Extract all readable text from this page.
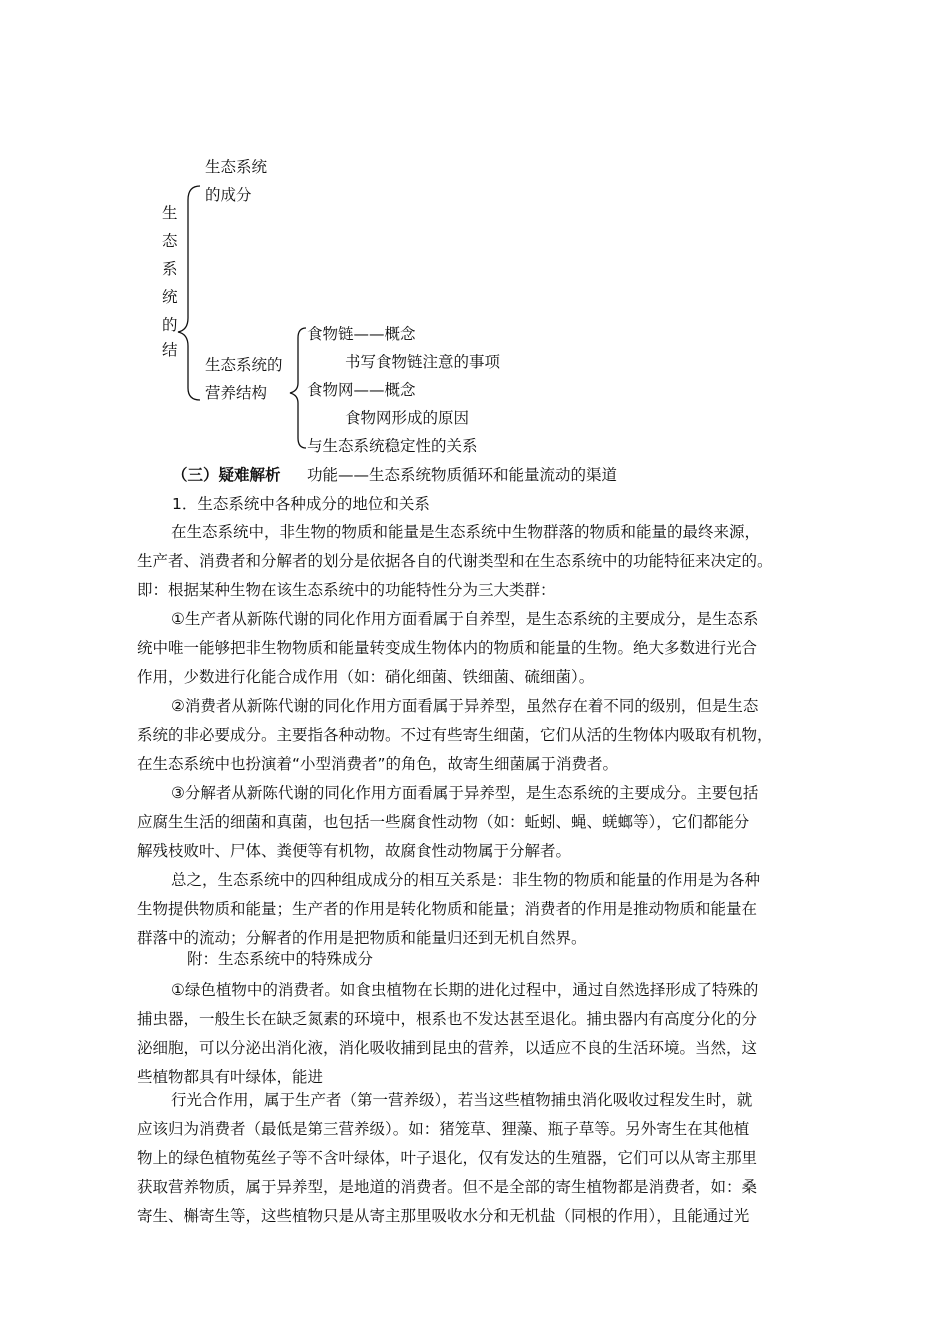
生
态
系
统
的
结
生态系统
的成分
生态系统的
营养结构
食物链——概念
书写食物链注意的事项
食物网——概念
食物网形成的原因
与生态系统稳定性的关系
（三）疑难解析 功能——生态系统物质循环和能量流动的渠道
1．生态系统中各种成分的地位和关系
在生态系统中，非生物的物质和能量是生态系统中生物群落的物质和能量的最终来源，
生产者、消费者和分解者的划分是依据各自的代谢类型和在生态系统中的功能特征来决定的。
即：根据某种生物在该生态系统中的功能特性分为三大类群：
①生产者从新陈代谢的同化作用方面看属于自养型，是生态系统的主要成分，是生态系
统中唯一能够把非生物物质和能量转变成生物体内的物质和能量的生物。绝大多数进行光合
作用，少数进行化能合成作用（如：硝化细菌、铁细菌、硫细菌）。
②消费者从新陈代谢的同化作用方面看属于异养型，虽然存在着不同的级别，但是生态
系统的非必要成分。主要指各种动物。不过有些寄生细菌，它们从活的生物体内吸取有机物，
在生态系统中也扮演着“小型消费者”的角色，故寄生细菌属于消费者。
③分解者从新陈代谢的同化作用方面看属于异养型，是生态系统的主要成分。主要包括
应腐生生活的细菌和真菌，也包括一些腐食性动物（如：蚯蚓、蝇、蜣螂等），它们都能分
解残枝败叶、尸体、粪便等有机物，故腐食性动物属于分解者。
总之，生态系统中的四种组成成分的相互关系是：非生物的物质和能量的作用是为各种
生物提供物质和能量；生产者的作用是转化物质和能量；消费者的作用是推动物质和能量在
群落中的流动；分解者的作用是把物质和能量归还到无机自然界。
附：生态系统中的特殊成分
①绿色植物中的消费者。如食虫植物在长期的进化过程中，通过自然选择形成了特殊的
捕虫器，一般生长在缺乏氮素的环境中，根系也不发达甚至退化。捕虫器内有高度分化的分
泌细胞，可以分泌出消化液，消化吸收捕到昆虫的营养，以适应不良的生活环境。当然，这
些植物都具有叶绿体，能进
行光合作用，属于生产者（第一营养级），若当这些植物捕虫消化吸收过程发生时，就
应该归为消费者（最低是第三营养级）。如：猪笼草、狸藻、瓶子草等。另外寄生在其他植
物上的绿色植物菟丝子等不含叶绿体，叶子退化，仅有发达的生殖器，它们可以从寄主那里
获取营养物质，属于异养型，是地道的消费者。但不是全部的寄生植物都是消费者，如：桑
寄生、槲寄生等，这些植物只是从寄主那里吸收水分和无机盐（同根的作用），且能通过光
